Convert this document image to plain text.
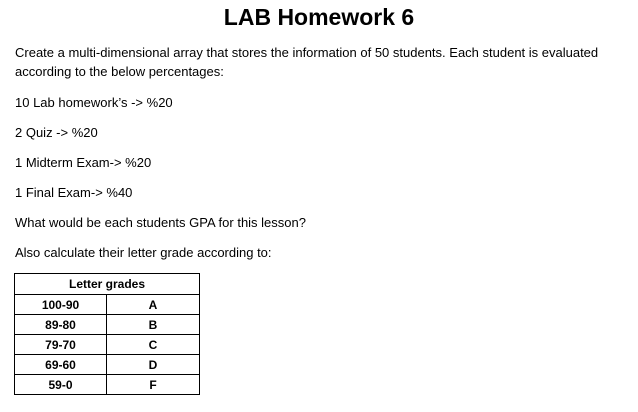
LAB Homework 6
Create a multi-dimensional array that stores the information of 50 students. Each student is evaluated
according to the below percentages:
10 Lab homework’s -> %20
2 Quiz -> %20
1 Midterm Exam-> %20
1 Final Exam-> %40
What would be each students GPA for this lesson?
Also calculate their letter grade according to:
Letter grades	
100-90	A
89-80	B
79-70	C
69-60	D
59-0	F
